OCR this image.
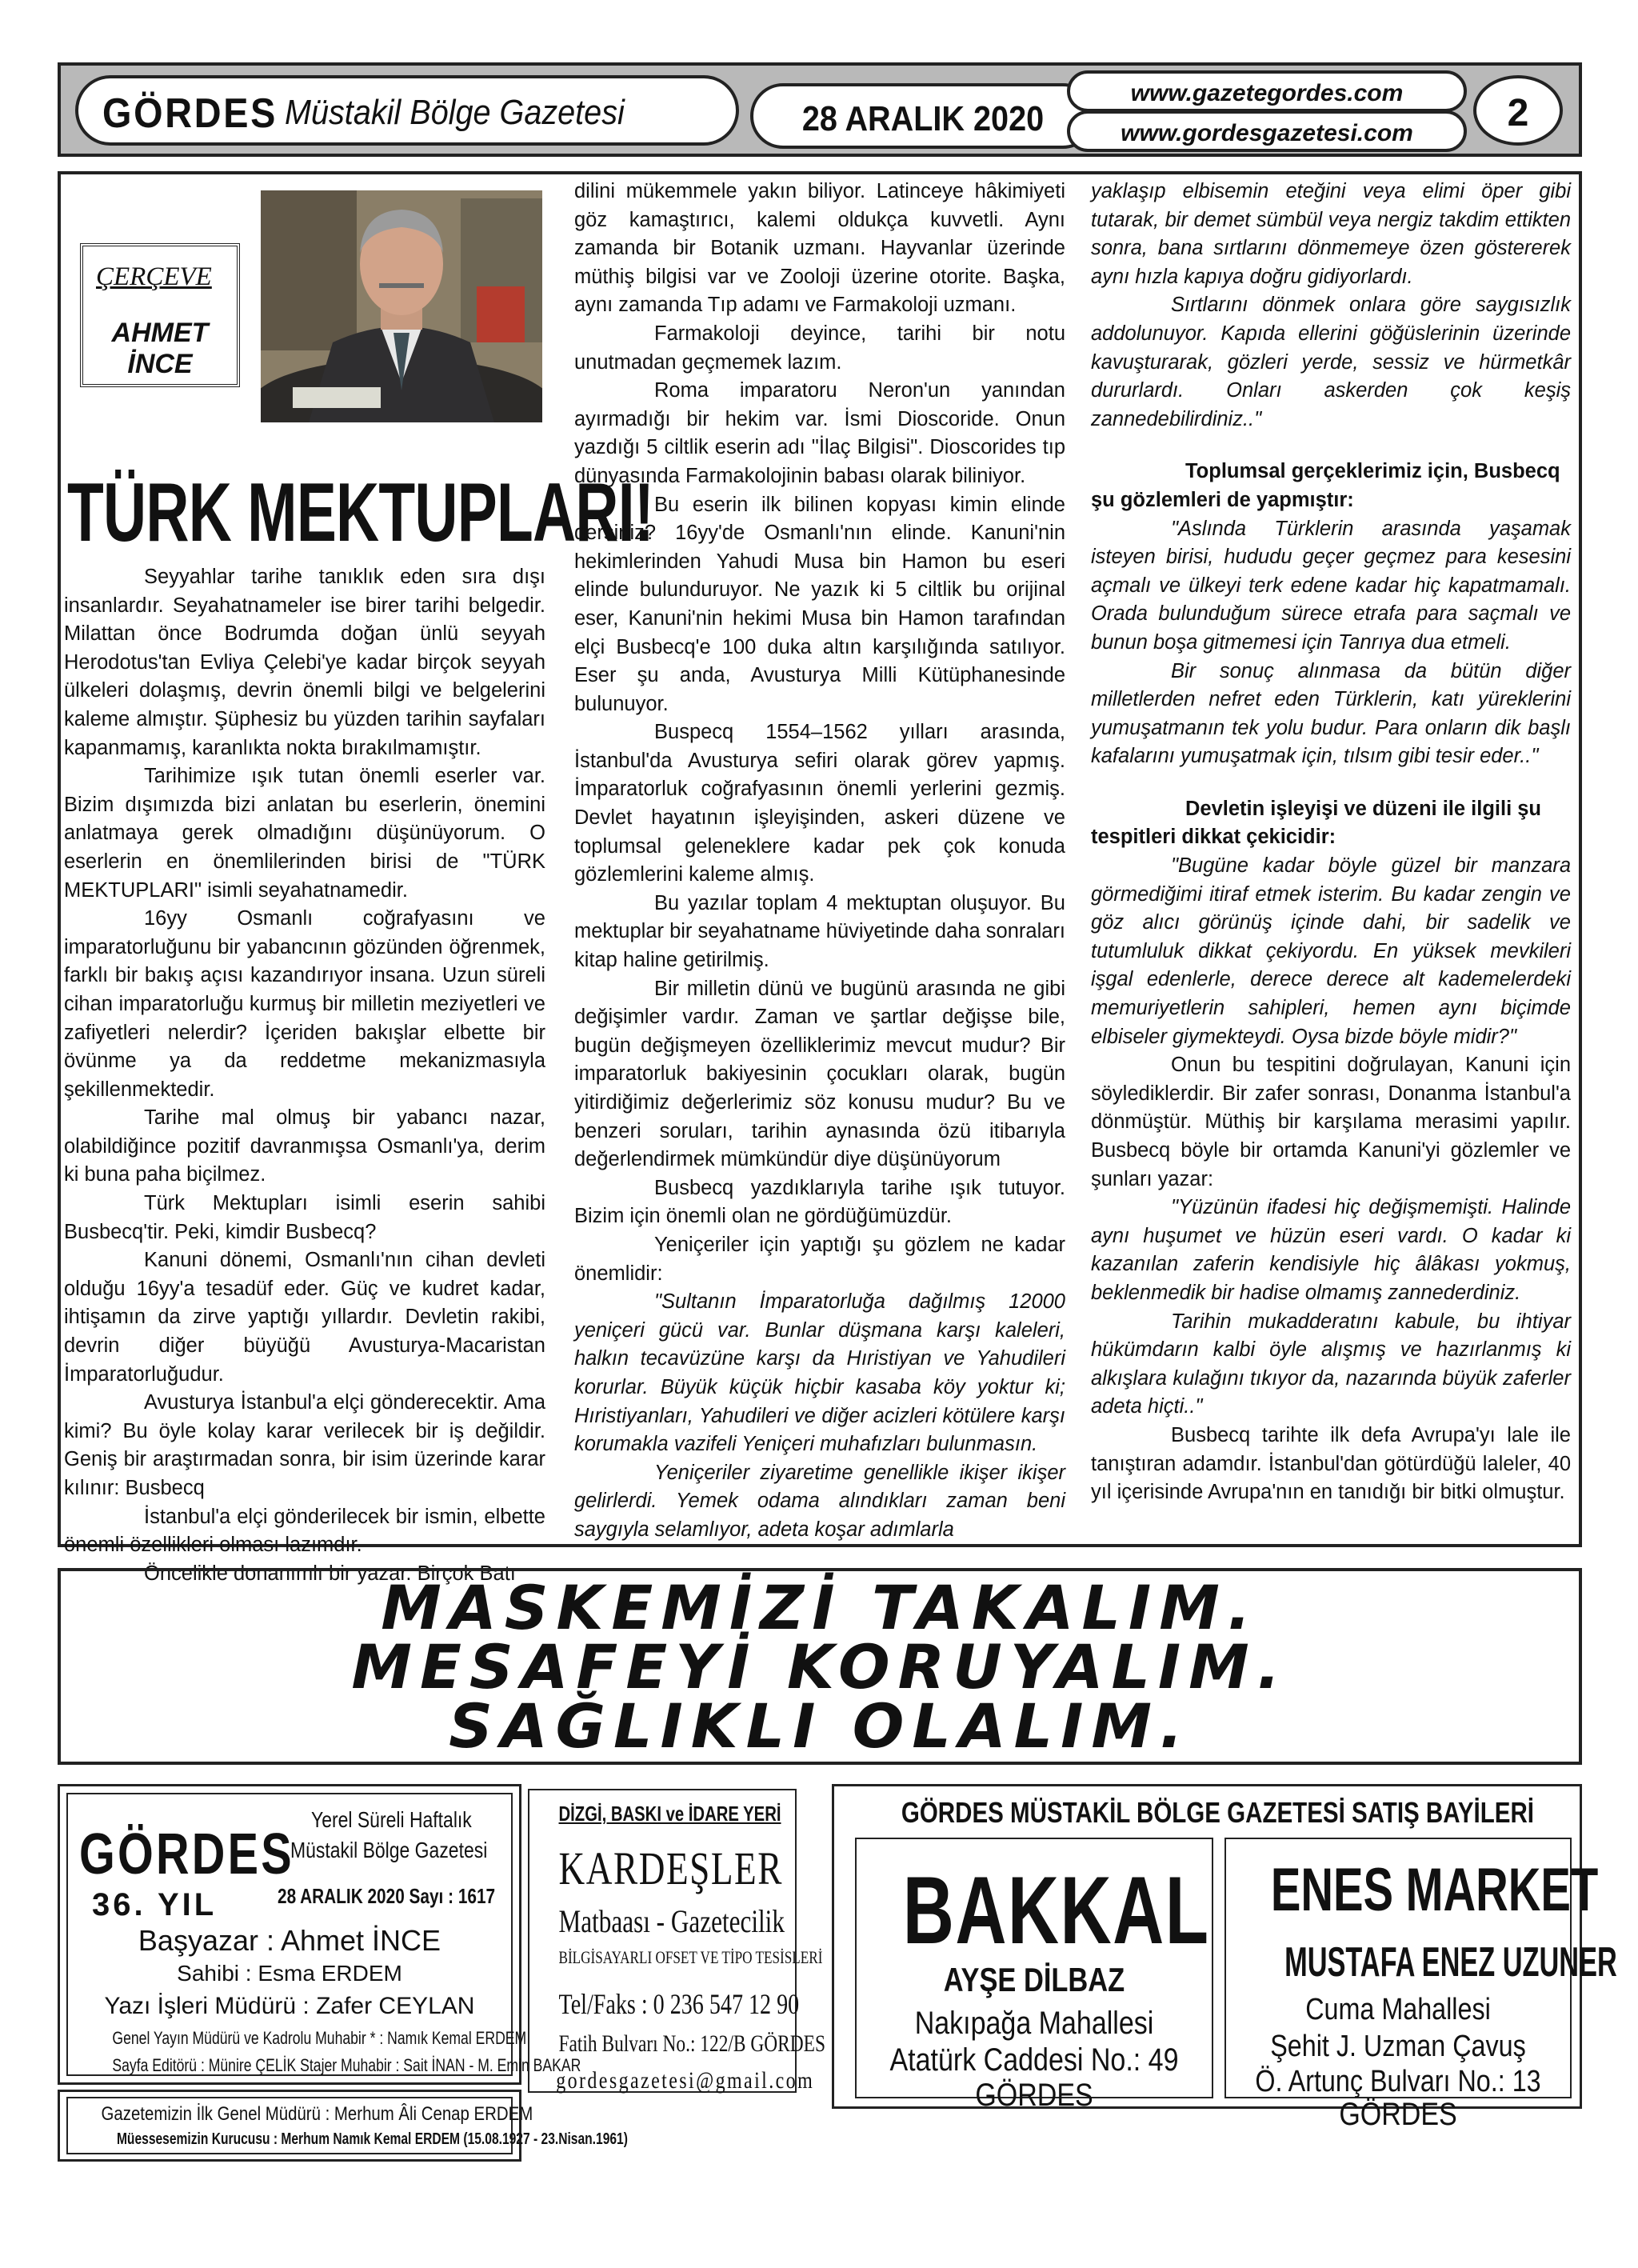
GÖRDES Müstakil Bölge Gazetesi	28 ARALIK 2020
www.gazetegordes.com
www.gordesgazetesi.com	2
ÇERÇEVE
AHMET
İNCE
TÜRK MEKTUPLARI!

Seyyahlar tarihe tanıklık eden sıra dışı insanlardır. Seyahatnameler ise birer tarihi belgedir. Milattan önce Bodrumda doğan ünlü seyyah Herodotus'tan Evliya Çelebi'ye kadar birçok seyyah ülkeleri dolaşmış, devrin önemli bilgi ve belgelerini kaleme almıştır. Şüphesiz bu yüzden tarihin sayfaları kapanmamış, karanlıkta nokta bırakılmamıştır.

Tarihimize ışık tutan önemli eserler var. Bizim dışımızda bizi anlatan bu eserlerin, önemini anlatmaya gerek olmadığını düşünüyorum. O eserlerin en önemlilerinden birisi de "TÜRK MEKTUPLARI" isimli seyahatnamedir.

16yy Osmanlı coğrafyasını ve imparatorluğunu bir yabancının gözünden öğrenmek, farklı bir bakış açısı kazandırıyor insana. Uzun süreli cihan imparatorluğu kurmuş bir milletin meziyetleri ve zafiyetleri nelerdir? İçeriden bakışlar elbette bir övünme ya da reddetme mekanizmasıyla şekillenmektedir.

Tarihe mal olmuş bir yabancı nazar, olabildiğince pozitif davranmışsa Osmanlı'ya, derim ki buna paha biçilmez.

Türk Mektupları isimli eserin sahibi Busbecq'tir. Peki, kimdir Busbecq?

Kanuni dönemi, Osmanlı'nın cihan devleti olduğu 16yy'a tesadüf eder. Güç ve kudret kadar, ihtişamın da zirve yaptığı yıllardır. Devletin rakibi, devrin diğer büyüğü Avusturya-Macaristan İmparatorluğudur.

Avusturya İstanbul'a elçi gönderecektir. Ama kimi? Bu öyle kolay karar verilecek bir iş değildir. Geniş bir araştırmadan sonra, bir isim üzerinde karar kılınır: Busbecq

İstanbul'a elçi gönderilecek bir ismin, elbette önemli özellikleri olması lazımdır.

Öncelikle donanımlı bir yazar. Birçok Batı

dilini mükemmele yakın biliyor. Latinceye hâkimiyeti göz kamaştırıcı, kalemi oldukça kuvvetli. Aynı zamanda bir Botanik uzmanı. Hayvanlar üzerinde müthiş bilgisi var ve Zooloji üzerine otorite. Başka, aynı zamanda Tıp adamı ve Farmakoloji uzmanı.

Farmakoloji deyince, tarihi bir notu unutmadan geçmemek lazım.

Roma imparatoru Neron'un yanından ayırmadığı bir hekim var. İsmi Dioscoride. Onun yazdığı 5 ciltlik eserin adı "İlaç Bilgisi". Dioscorides tıp dünyasında Farmakolojinin babası olarak biliniyor.

Bu eserin ilk bilinen kopyası kimin elinde dersiniz? 16yy'de Osmanlı'nın elinde. Kanuni'nin hekimlerinden Yahudi Musa bin Hamon bu eseri elinde bulunduruyor. Ne yazık ki 5 ciltlik bu orijinal eser, Kanuni'nin hekimi Musa bin Hamon tarafından elçi Busbecq'e 100 duka altın karşılığında satılıyor. Eser şu anda, Avusturya Milli Kütüphanesinde bulunuyor.

Buspecq 1554–1562 yılları arasında, İstanbul'da Avusturya sefiri olarak görev yapmış. İmparatorluk coğrafyasının önemli yerlerini gezmiş. Devlet hayatının işleyişinden, askeri düzene ve toplumsal geleneklere kadar pek çok konuda gözlemlerini kaleme almış.

Bu yazılar toplam 4 mektuptan oluşuyor. Bu mektuplar bir seyahatname hüviyetinde daha sonraları kitap haline getirilmiş.

Bir milletin dünü ve bugünü arasında ne gibi değişimler vardır. Zaman ve şartlar değişse bile, bugün değişmeyen özelliklerimiz mevcut mudur? Bir imparatorluk bakiyesinin çocukları olarak, bugün yitirdiğimiz değerlerimiz söz konusu mudur? Bu ve benzeri soruları, tarihin aynasında özü itibarıyla değerlendirmek mümkündür diye düşünüyorum

Busbecq yazdıklarıyla tarihe ışık tutuyor. Bizim için önemli olan ne gördüğümüzdür.

Yeniçeriler için yaptığı şu gözlem ne kadar önemlidir:

"Sultanın İmparatorluğa dağılmış 12000 yeniçeri gücü var. Bunlar düşmana karşı kaleleri, halkın tecavüzüne karşı da Hıristiyan ve Yahudileri korurlar. Büyük küçük hiçbir kasaba köy yoktur ki; Hıristiyanları, Yahudileri ve diğer acizleri kötülere karşı korumakla vazifeli Yeniçeri muhafızları bulunmasın.

Yeniçeriler ziyaretime genellikle ikişer ikişer gelirlerdi. Yemek odama alındıkları zaman beni saygıyla selamlıyor, adeta koşar adımlarla

yaklaşıp elbisemin eteğini veya elimi öper gibi tutarak, bir demet sümbül veya nergiz takdim ettikten sonra, bana sırtlarını dönmemeye özen göstererek aynı hızla kapıya doğru gidiyorlardı.

Sırtlarını dönmek onlara göre saygısızlık addolunuyor. Kapıda ellerini göğüslerinin üzerinde kavuşturarak, gözleri yerde, sessiz ve hürmetkâr dururlardı. Onları askerden çok keşiş zannedebilirdiniz.."

Toplumsal gerçeklerimiz için, Busbecq şu gözlemleri de yapmıştır:

"Aslında Türklerin arasında yaşamak isteyen birisi, hududu geçer geçmez para kesesini açmalı ve ülkeyi terk edene kadar hiç kapatmamalı. Orada bulunduğum sürece etrafa para saçmalı ve bunun boşa gitmemesi için Tanrıya dua etmeli.

Bir sonuç alınmasa da bütün diğer milletlerden nefret eden Türklerin, katı yüreklerini yumuşatmanın tek yolu budur. Para onların dik başlı kafalarını yumuşatmak için, tılsım gibi tesir eder.."

Devletin işleyişi ve düzeni ile ilgili şu tespitleri dikkat çekicidir:

"Bugüne kadar böyle güzel bir manzara görmediğimi itiraf etmek isterim. Bu kadar zengin ve göz alıcı görünüş içinde dahi, bir sadelik ve tutumluluk dikkat çekiyordu. En yüksek mevkileri işgal edenlerle, derece derece alt kademelerdeki memuriyetlerin sahipleri, hemen aynı biçimde elbiseler giymekteydi. Oysa bizde böyle midir?"

Onun bu tespitini doğrulayan, Kanuni için söylediklerdir. Bir zafer sonrası, Donanma İstanbul'a dönmüştür. Müthiş bir karşılama merasimi yapılır. Busbecq böyle bir ortamda Kanuni'yi gözlemler ve şunları yazar:

"Yüzünün ifadesi hiç değişmemişti. Halinde aynı huşumet ve hüzün eseri vardı. O kadar ki kazanılan zaferin kendisiyle hiç âlâkası yokmuş, beklenmedik bir hadise olmamış zannederdiniz.

Tarihin mukadderatını kabule, bu ihtiyar hükümdarın kalbi öyle alışmış ve hazırlanmış ki alkışlara kulağını tıkıyor da, nazarında büyük zaferler adeta hiçti.."

Busbecq tarihte ilk defa Avrupa'yı lale ile tanıştıran adamdır. İstanbul'dan götürdüğü laleler, 40 yıl içerisinde Avrupa'nın en tanıdığı bir bitki olmuştur.

MASKEMİZİ TAKALIM.
MESAFEYİ KORUYALIM.
SAĞLIKLI OLALIM.
GÖRDES
Yerel Süreli Haftalık
Müstakil Bölge Gazetesi
36. YIL	28 ARALIK 2020 Sayı : 1617
Başyazar : Ahmet İNCE
Sahibi : Esma ERDEM
Yazı İşleri Müdürü : Zafer CEYLAN
Genel Yayın Müdürü ve Kadrolu Muhabir * : Namık Kemal ERDEM
Sayfa Editörü : Münire ÇELİK Stajer Muhabir : Sait İNAN - M. Emin BAKAR
Gazetemizin İlk Genel Müdürü : Merhum Âli Cenap ERDEM
Müessesemizin Kurucusu : Merhum Namık Kemal ERDEM (15.08.1927 - 23.Nisan.1961)
DİZGİ, BASKI ve İDARE YERİ
KARDEŞLER
Matbaası - Gazetecilik
BİLGİSAYARLI OFSET VE TİPO TESİSLERİ
Tel/Faks : 0 236 547 12 90
Fatih Bulvarı No.: 122/B GÖRDES
gordesgazetesi@gmail.com
GÖRDES MÜSTAKİL BÖLGE GAZETESİ SATIŞ BAYİLERİ
BAKKAL
AYŞE DİLBAZ
Nakıpağa Mahallesi
Atatürk Caddesi No.: 49
GÖRDES
ENES MARKET
MUSTAFA ENEZ UZUNER
Cuma Mahallesi
Şehit J. Uzman Çavuş
Ö. Artunç Bulvarı No.: 13
GÖRDES
